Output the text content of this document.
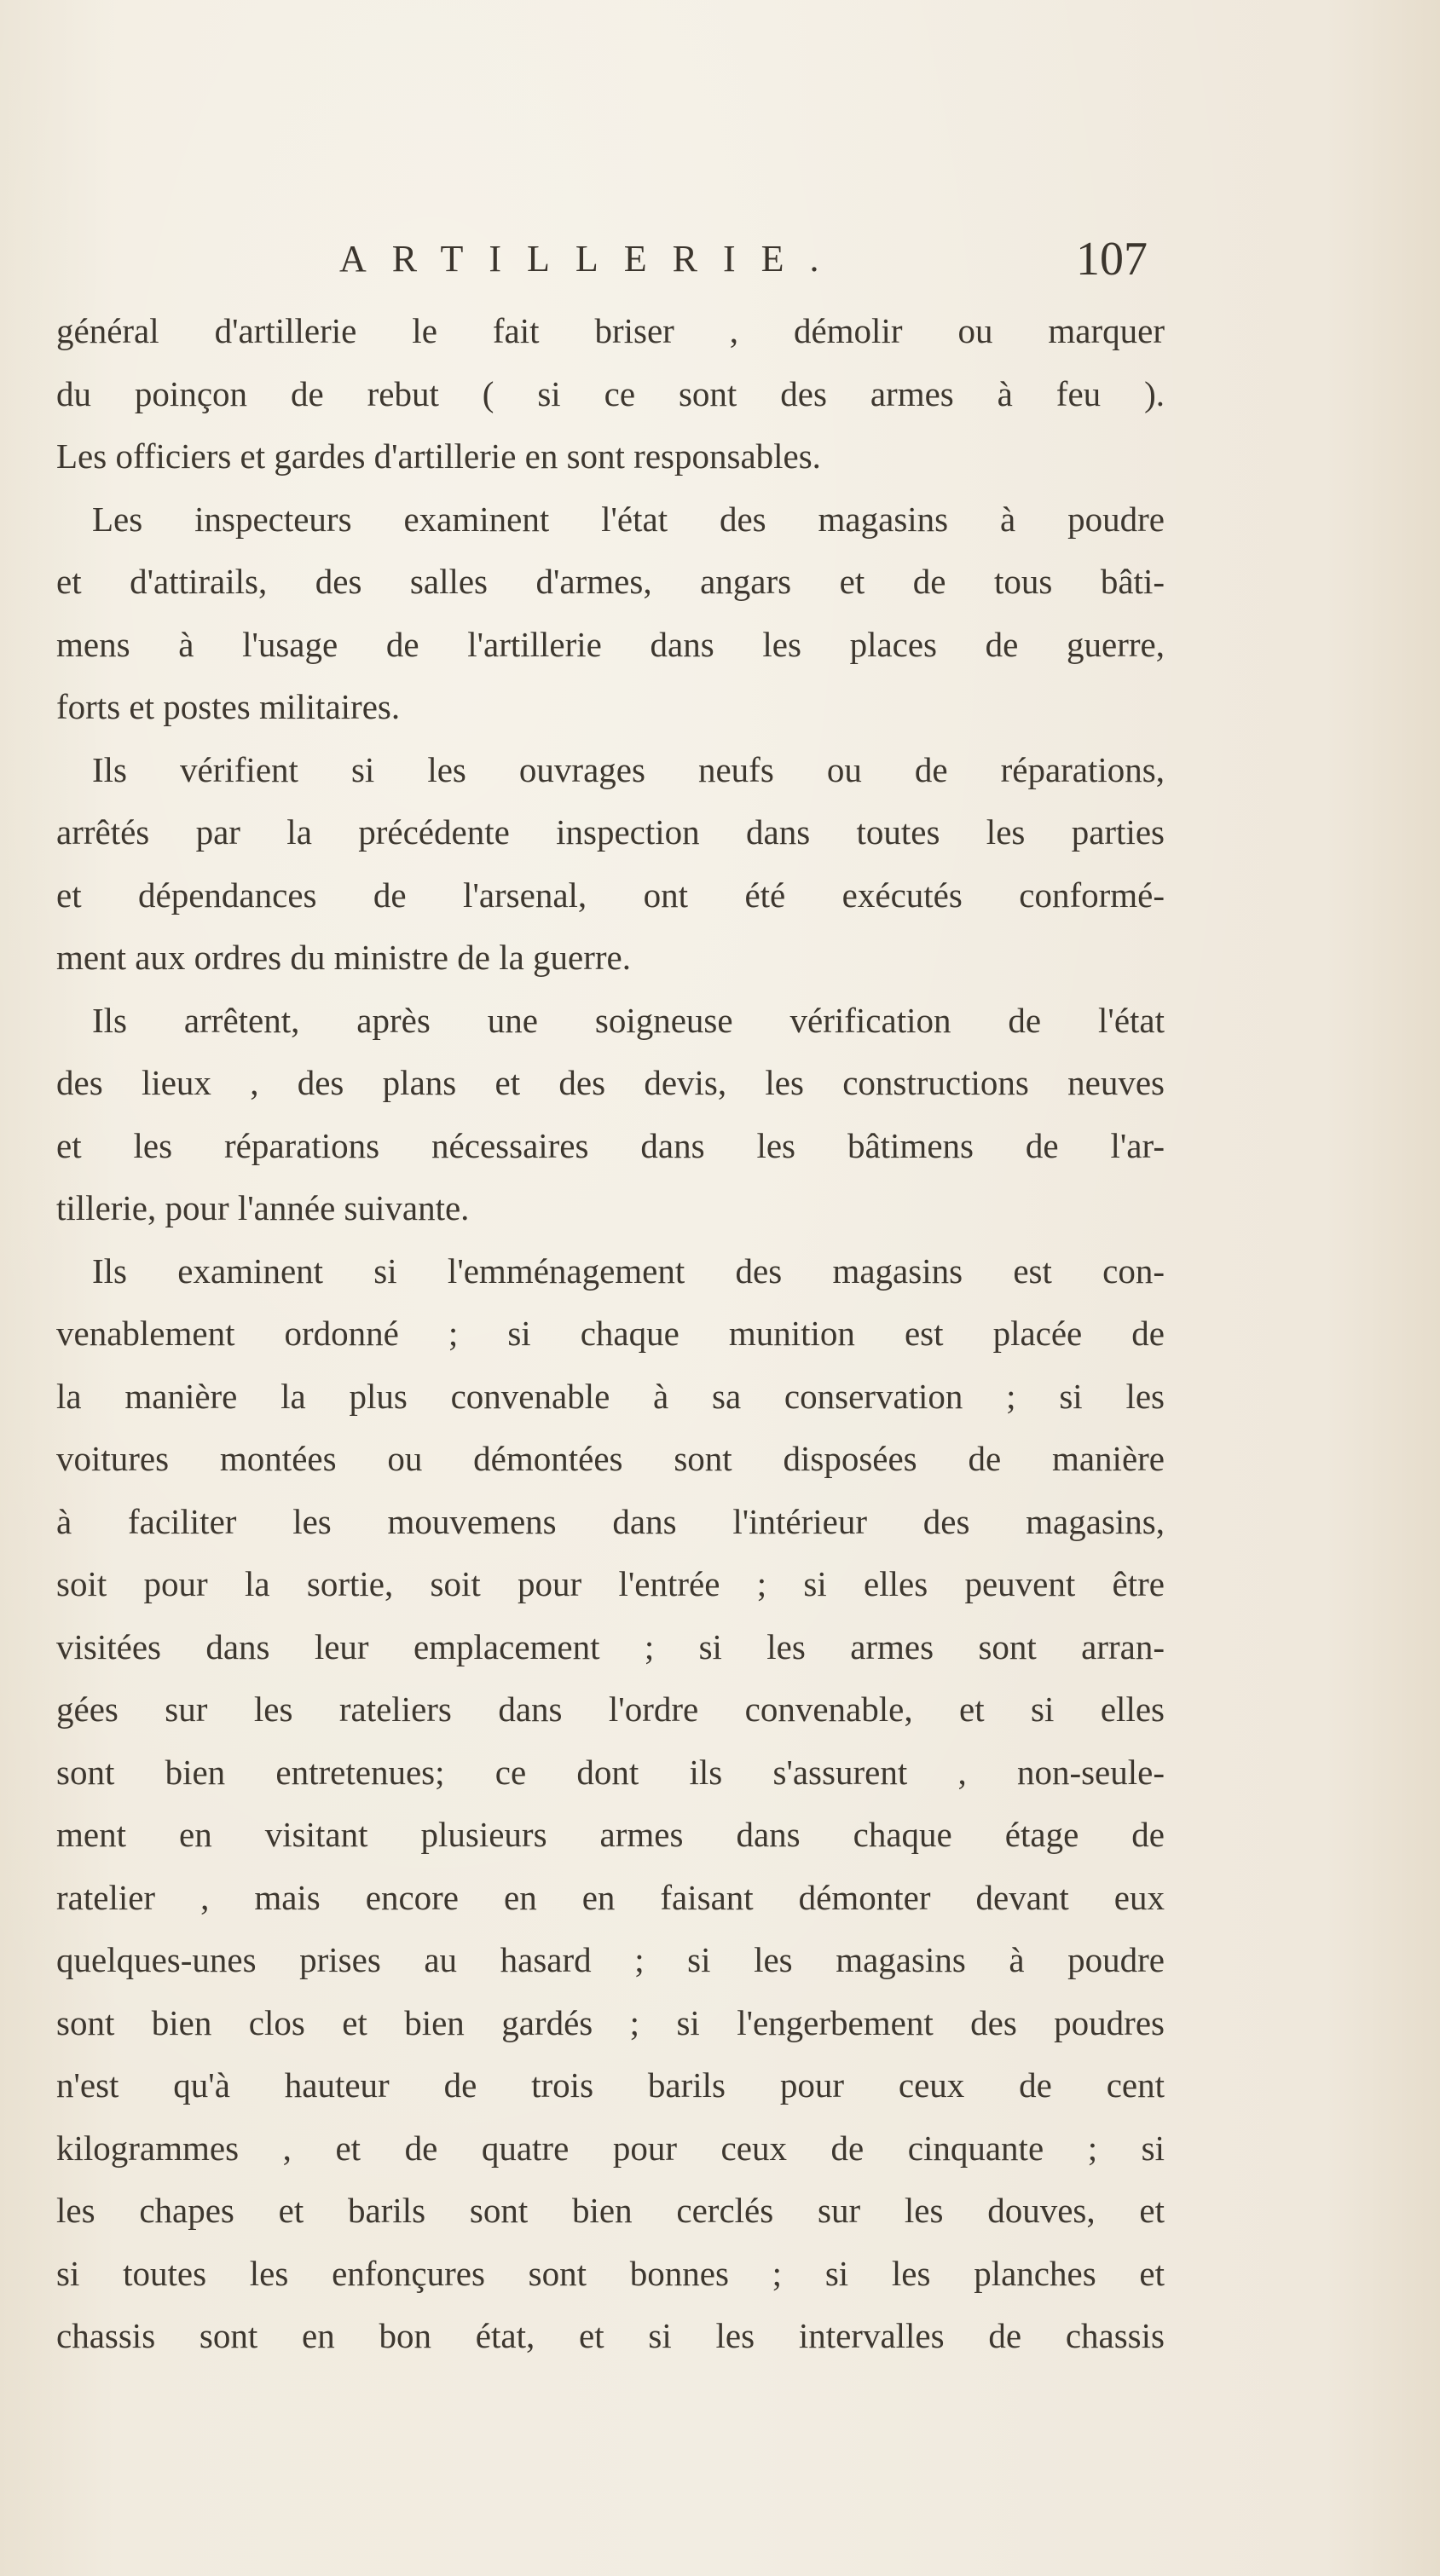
ARTILLERIE.	107
général d'artillerie le fait briser , démolir ou marquer
du poinçon de rebut ( si ce sont des armes à feu ).
Les officiers et gardes d'artillerie en sont responsables.
Les inspecteurs examinent l'état des magasins à poudre
et d'attirails, des salles d'armes, angars et de tous bâti-
mens à l'usage de l'artillerie dans les places de guerre,
forts et postes militaires.
Ils vérifient si les ouvrages neufs ou de réparations,
arrêtés par la précédente inspection dans toutes les parties
et dépendances de l'arsenal, ont été exécutés conformé-
ment aux ordres du ministre de la guerre.
Ils arrêtent, après une soigneuse vérification de l'état
des lieux , des plans et des devis, les constructions neuves
et les réparations nécessaires dans les bâtimens de l'ar-
tillerie, pour l'année suivante.
Ils examinent si l'emménagement des magasins est con-
venablement ordonné ; si chaque munition est placée de
la manière la plus convenable à sa conservation ; si les
voitures montées ou démontées sont disposées de manière
à faciliter les mouvemens dans l'intérieur des magasins,
soit pour la sortie, soit pour l'entrée ; si elles peuvent être
visitées dans leur emplacement ; si les armes sont arran-
gées sur les rateliers dans l'ordre convenable, et si elles
sont bien entretenues; ce dont ils s'assurent , non-seule-
ment en visitant plusieurs armes dans chaque étage de
ratelier , mais encore en en faisant démonter devant eux
quelques-unes prises au hasard ; si les magasins à poudre
sont bien clos et bien gardés ; si l'engerbement des poudres
n'est qu'à hauteur de trois barils pour ceux de cent
kilogrammes , et de quatre pour ceux de cinquante ; si
les chapes et barils sont bien cerclés sur les douves, et
si toutes les enfonçures sont bonnes ; si les planches et
chassis sont en bon état, et si les intervalles de chassis
